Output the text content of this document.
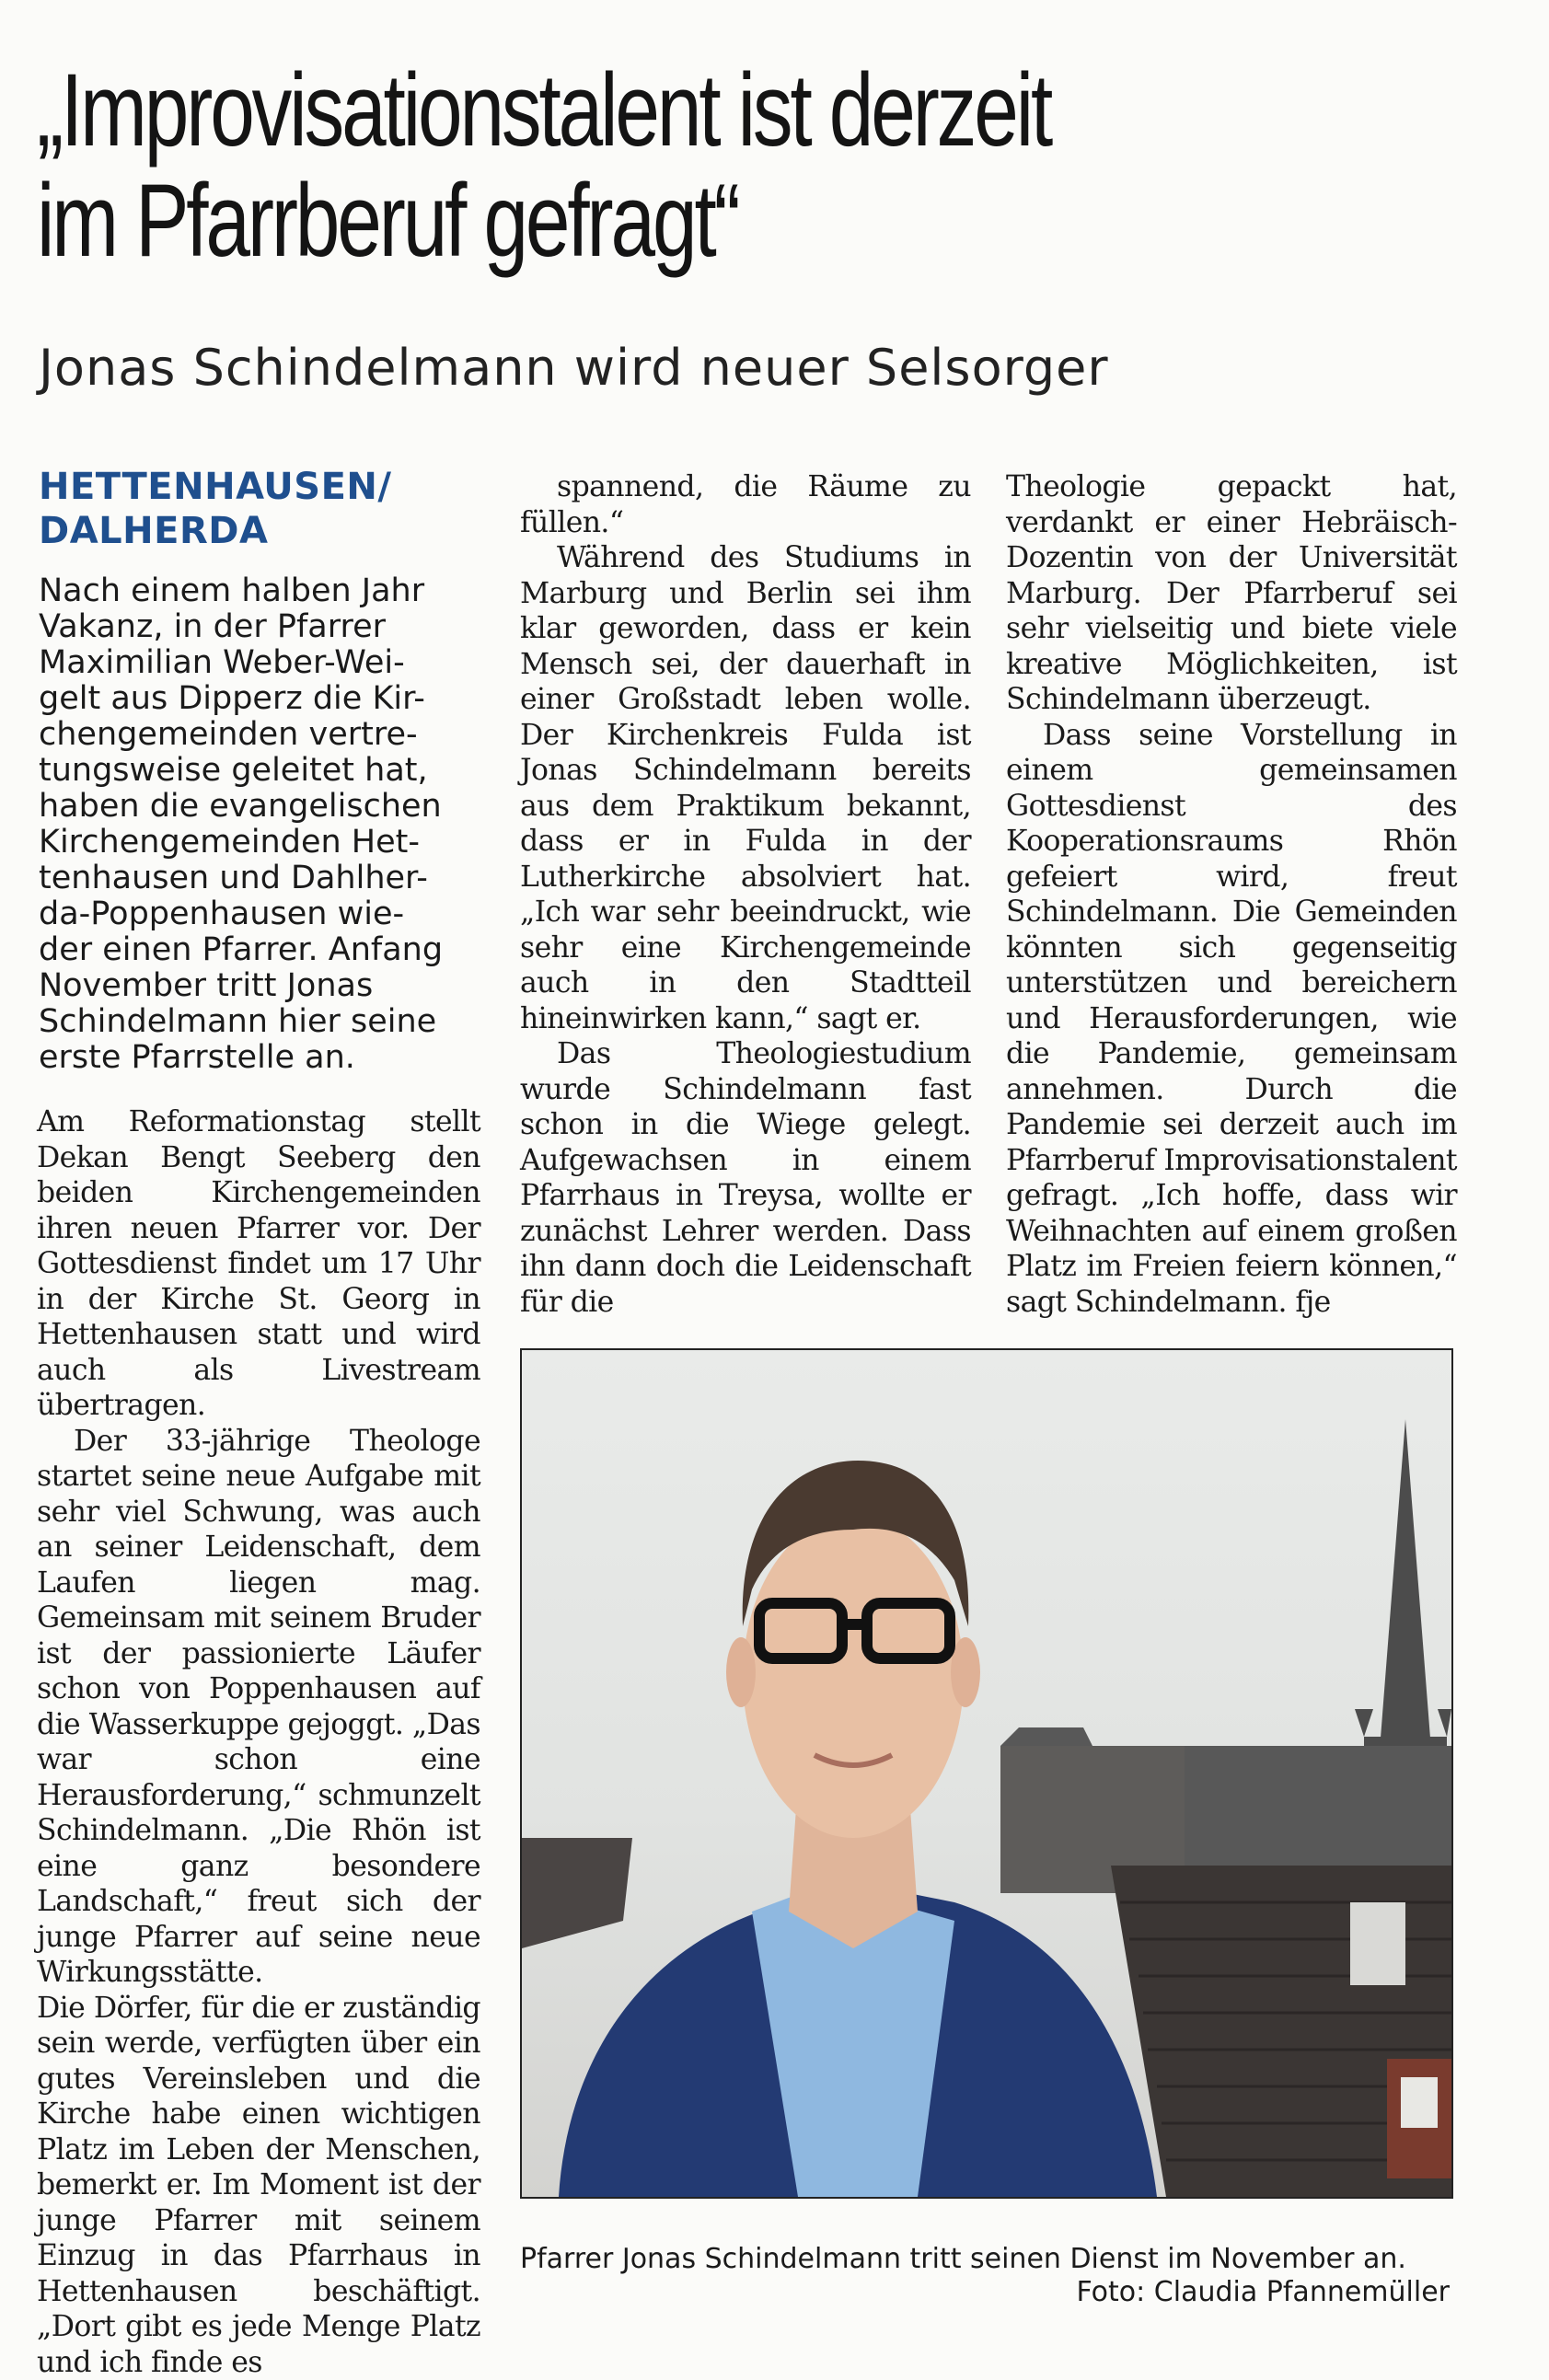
„Improvisationstalent ist derzeit
im Pfarrberuf gefragt“
Jonas Schindelmann wird neuer Selsorger
HETTENHAUSEN/
DALHERDA
Nach einem halben Jahr
Vakanz, in der Pfarrer
Maximilian Weber-Wei-
gelt aus Dipperz die Kir-
chengemeinden vertre-
tungsweise geleitet hat,
haben die evangelischen
Kirchengemeinden Het-
tenhausen und Dahlher-
da-Poppenhausen wie-
der einen Pfarrer. Anfang
November tritt Jonas
Schindelmann hier seine
erste Pfarrstelle an.

Am Reformationstag stellt Dekan Bengt Seeberg den beiden Kirchengemeinden ihren neuen Pfarrer vor. Der Gottesdienst findet um 17 Uhr in der Kirche St. Georg in Hettenhausen statt und wird auch als Livestream übertragen.

Der 33-jährige Theologe startet seine neue Aufgabe mit sehr viel Schwung, was auch an seiner Leidenschaft, dem Laufen liegen mag. Gemeinsam mit seinem Bruder ist der passionierte Läufer schon von Poppenhausen auf die Wasserkuppe gejoggt. „Das war schon eine Herausforderung,“ schmunzelt Schindelmann. „Die Rhön ist eine ganz besondere Landschaft,“ freut sich der junge Pfarrer auf seine neue Wirkungsstätte.

Die Dörfer, für die er zuständig sein werde, verfügten über ein gutes Vereinsleben und die Kirche habe einen wichtigen Platz im Leben der Menschen, bemerkt er. Im Moment ist der junge Pfarrer mit seinem Einzug in das Pfarrhaus in Hettenhausen beschäftigt. „Dort gibt es jede Menge Platz und ich finde es

spannend, die Räume zu füllen.“

Während des Studiums in Marburg und Berlin sei ihm klar geworden, dass er kein Mensch sei, der dauerhaft in einer Großstadt leben wolle. Der Kirchenkreis Fulda ist Jonas Schindelmann bereits aus dem Praktikum bekannt, dass er in Fulda in der Lutherkirche absolviert hat. „Ich war sehr beeindruckt, wie sehr eine Kirchengemeinde auch in den Stadtteil hineinwirken kann,“ sagt er.

Das Theologiestudium wurde Schindelmann fast schon in die Wiege gelegt. Aufgewachsen in einem Pfarrhaus in Treysa, wollte er zunächst Lehrer werden. Dass ihn dann doch die Leidenschaft für die

Theologie gepackt hat, verdankt er einer Hebräisch-Dozentin von der Universität Marburg. Der Pfarrberuf sei sehr vielseitig und biete viele kreative Möglichkeiten, ist Schindelmann überzeugt.

Dass seine Vorstellung in einem gemeinsamen Gottesdienst des Kooperationsraums Rhön gefeiert wird, freut Schindelmann. Die Gemeinden könnten sich gegenseitig unterstützen und bereichern und Herausforderungen, wie die Pandemie, gemeinsam annehmen. Durch die Pandemie sei derzeit auch im Pfarrberuf Improvisationstalent gefragt. „Ich hoffe, dass wir Weihnachten auf einem großen Platz im Freien feiern können,“ sagt Schindelmann. fje

Pfarrer Jonas Schindelmann tritt seinen Dienst im November an.
Foto: Claudia Pfannemüller
